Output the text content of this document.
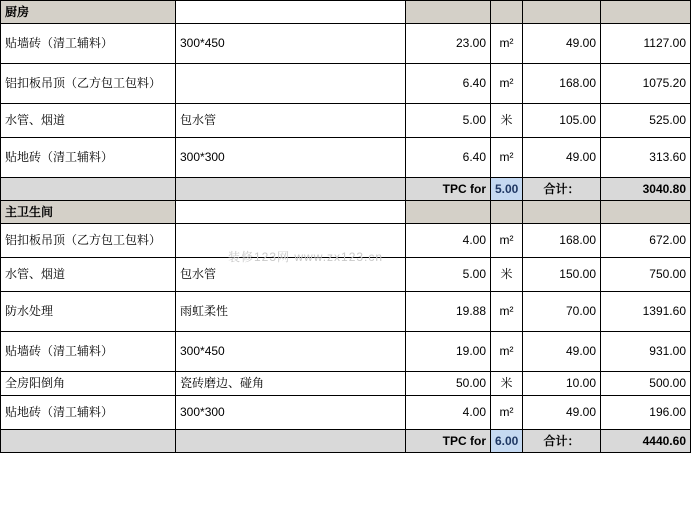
厨房					
贴墙砖（清工辅料）	300*450	23.00	m²	49.00	1127.00
铝扣板吊顶（乙方包工包料）		6.40	m²	168.00	1075.20
水管、烟道	包水管	5.00	米	105.00	525.00
贴地砖（清工辅料）	300*300	6.40	m²	49.00	313.60
		TPC for	5.00	合计：	3040.80
主卫生间					
铝扣板吊顶（乙方包工包料）		4.00	m²	168.00	672.00
水管、烟道	包水管	5.00	米	150.00	750.00
防水处理	雨虹柔性	19.88	m²	70.00	1391.60
贴墙砖（清工辅料）	300*450	19.00	m²	49.00	931.00
全房阳倒角	瓷砖磨边、碰角	50.00	米	10.00	500.00
贴地砖（清工辅料）	300*300	4.00	m²	49.00	196.00
		TPC for	6.00	合计：	4440.60
装修123网 www.zx123.cn
